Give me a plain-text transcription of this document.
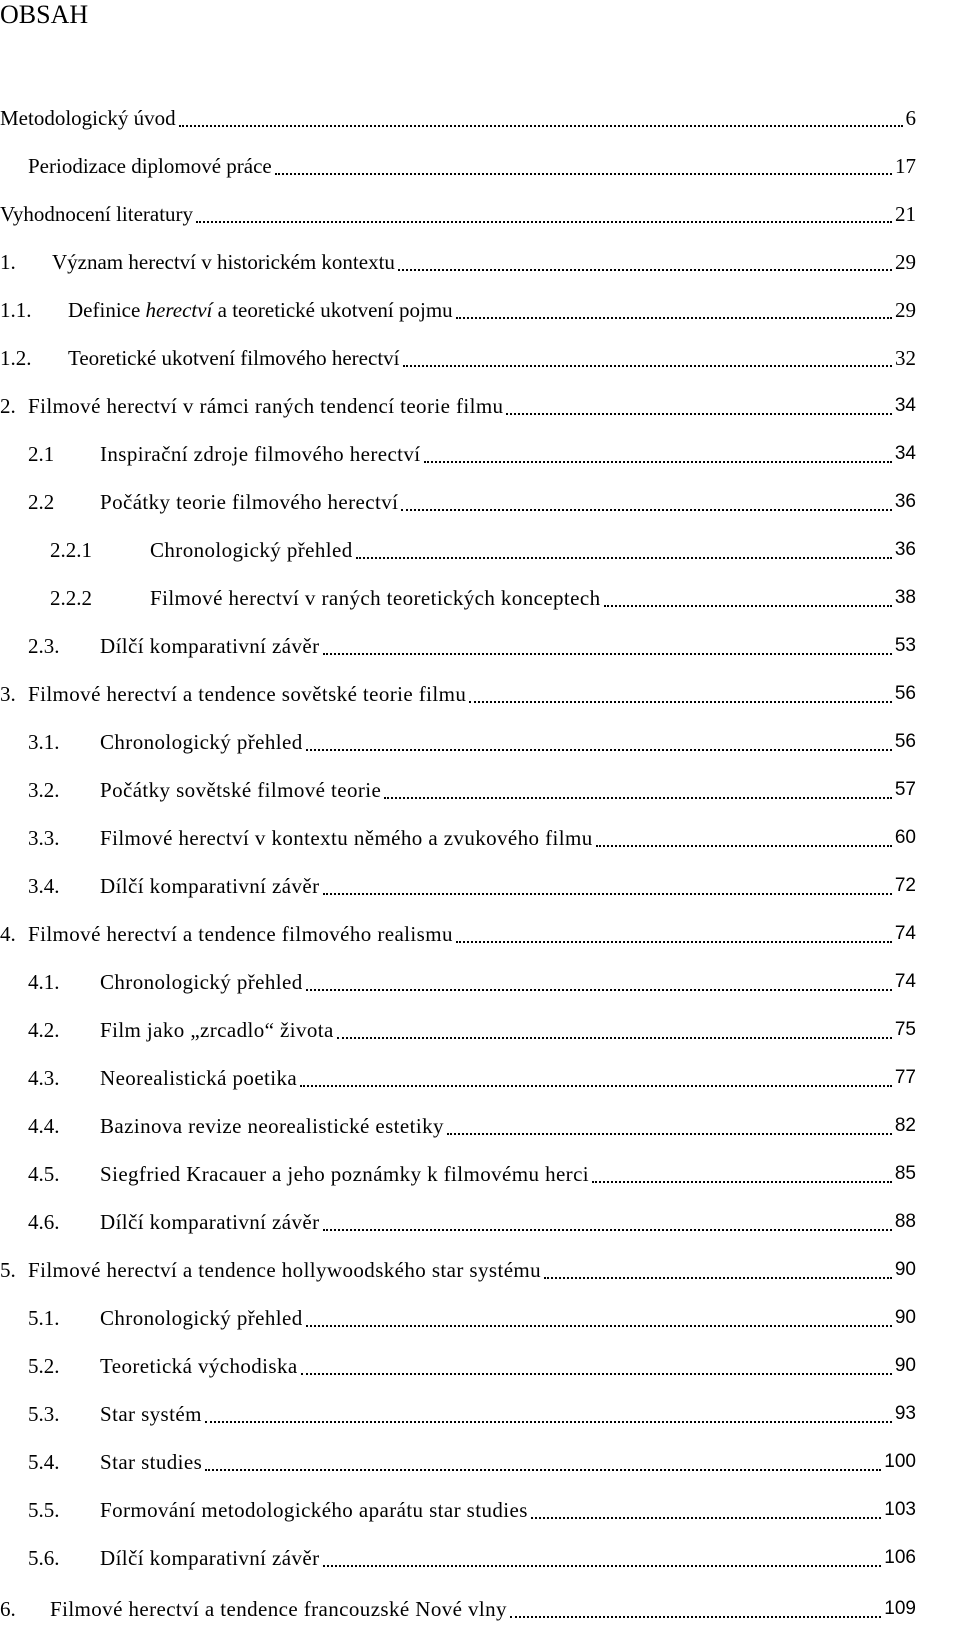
OBSAH
Metodologický úvod	6
Periodizace diplomové práce	17
Vyhodnocení literatury	21
1.	Význam herectví v historickém kontextu	29
1.1.	Definice herectví a teoretické ukotvení pojmu	29
1.2.	Teoretické ukotvení filmového herectví	32
2. Filmové herectví v rámci raných tendencí teorie filmu	34
2.1	Inspirační zdroje filmového herectví	34
2.2	Počátky teorie filmového herectví	36
2.2.1	Chronologický přehled	36
2.2.2	Filmové herectví v raných teoretických konceptech	38
2.3.	Dílčí komparativní závěr	53
3. Filmové herectví a tendence sovětské teorie filmu	56
3.1.	Chronologický přehled	56
3.2.	Počátky sovětské filmové teorie	57
3.3.	Filmové herectví v kontextu němého a zvukového filmu	60
3.4.	Dílčí komparativní závěr	72
4. Filmové herectví a tendence filmového realismu	74
4.1.	Chronologický přehled	74
4.2.	Film jako „zrcadlo“ života	75
4.3.	Neorealistická poetika	77
4.4.	Bazinova revize neorealistické estetiky	82
4.5.	Siegfried Kracauer a jeho poznámky k filmovému herci	85
4.6.	Dílčí komparativní závěr	88
5. Filmové herectví a tendence hollywoodského star systému	90
5.1.	Chronologický přehled	90
5.2.	Teoretická východiska	90
5.3.	Star systém	93
5.4.	Star studies	100
5.5.	Formování metodologického aparátu star studies	103
5.6.	Dílčí komparativní závěr	106
6.	Filmové herectví a tendence francouzské Nové vlny	109
